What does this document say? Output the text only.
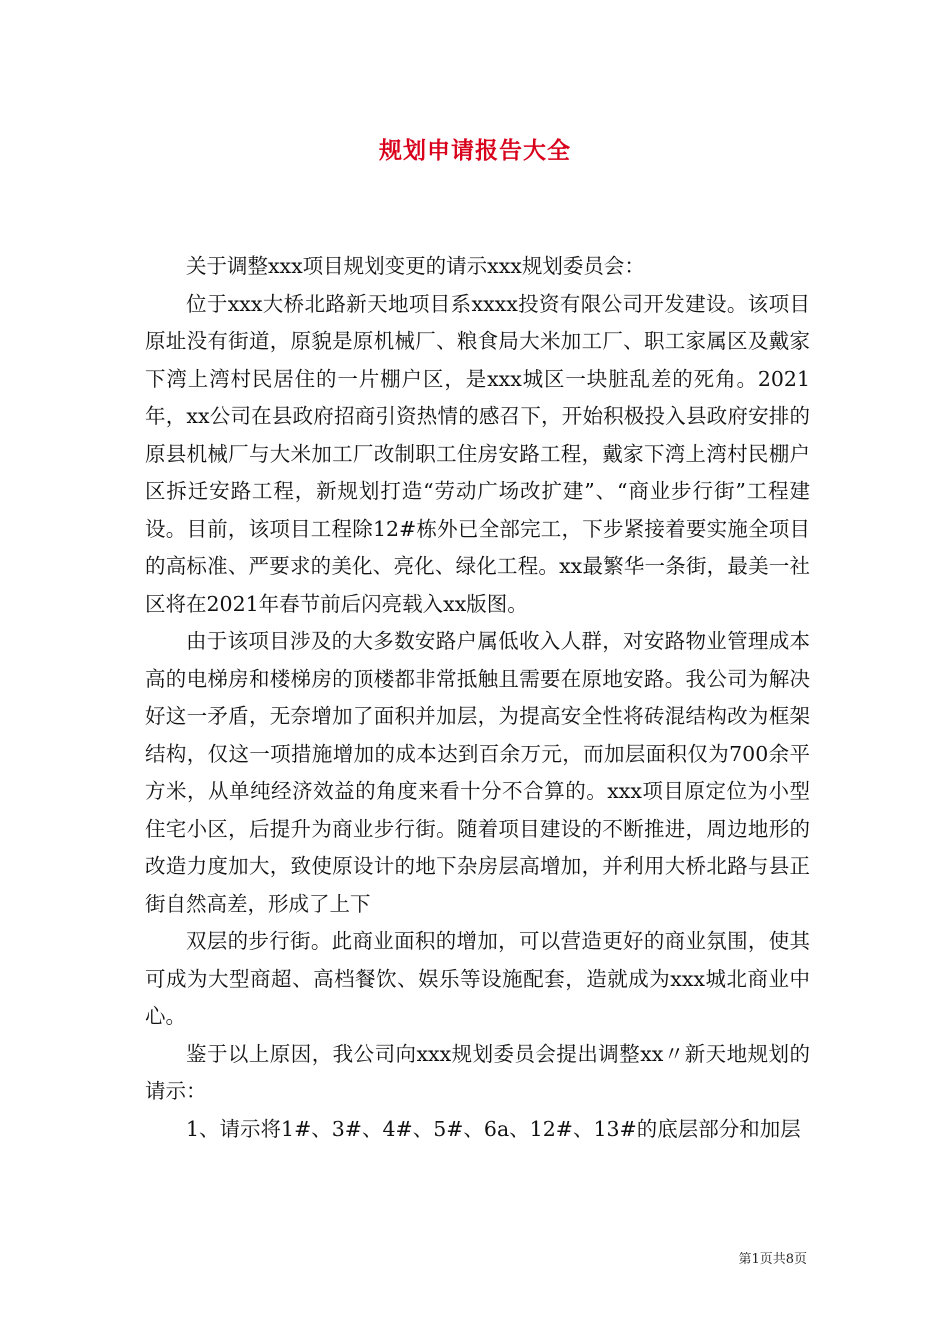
规划申请报告大全

关于调整xxx项目规划变更的请示xxx规划委员会：

位于xxx大桥北路新天地项目系xxxx投资有限公司开发建设。该项目原址没有街道，原貌是原机械厂、粮食局大米加工厂、职工家属区及戴家下湾上湾村民居住的一片棚户区，是xxx城区一块脏乱差的死角。2021年，xx公司在县政府招商引资热情的感召下，开始积极投入县政府安排的原县机械厂与大米加工厂改制职工住房安路工程，戴家下湾上湾村民棚户区拆迁安路工程，新规划打造“劳动广场改扩建”、“商业步行街”工程建设。目前，该项目工程除12#栋外已全部完工，下步紧接着要实施全项目的高标准、严要求的美化、亮化、绿化工程。xx最繁华一条街，最美一社区将在2021年春节前后闪亮载入xx版图。

由于该项目涉及的大多数安路户属低收入人群，对安路物业管理成本高的电梯房和楼梯房的顶楼都非常抵触且需要在原地安路。我公司为解决好这一矛盾，无奈增加了面积并加层，为提高安全性将砖混结构改为框架结构，仅这一项措施增加的成本达到百余万元，而加层面积仅为700余平方米，从单纯经济效益的角度来看十分不合算的。xxx项目原定位为小型住宅小区，后提升为商业步行街。随着项目建设的不断推进，周边地形的改造力度加大，致使原设计的地下杂房层高增加，并利用大桥北路与县正街自然高差，形成了上下

双层的步行街。此商业面积的增加，可以营造更好的商业氛围，使其可成为大型商超、高档餐饮、娱乐等设施配套，造就成为xxx城北商业中心。

鉴于以上原因，我公司向xxx规划委员会提出调整xx〃新天地规划的请示：

1、请示将1#、3#、4#、5#、6a、12#、13#的底层部分和加层

第1页共8页
